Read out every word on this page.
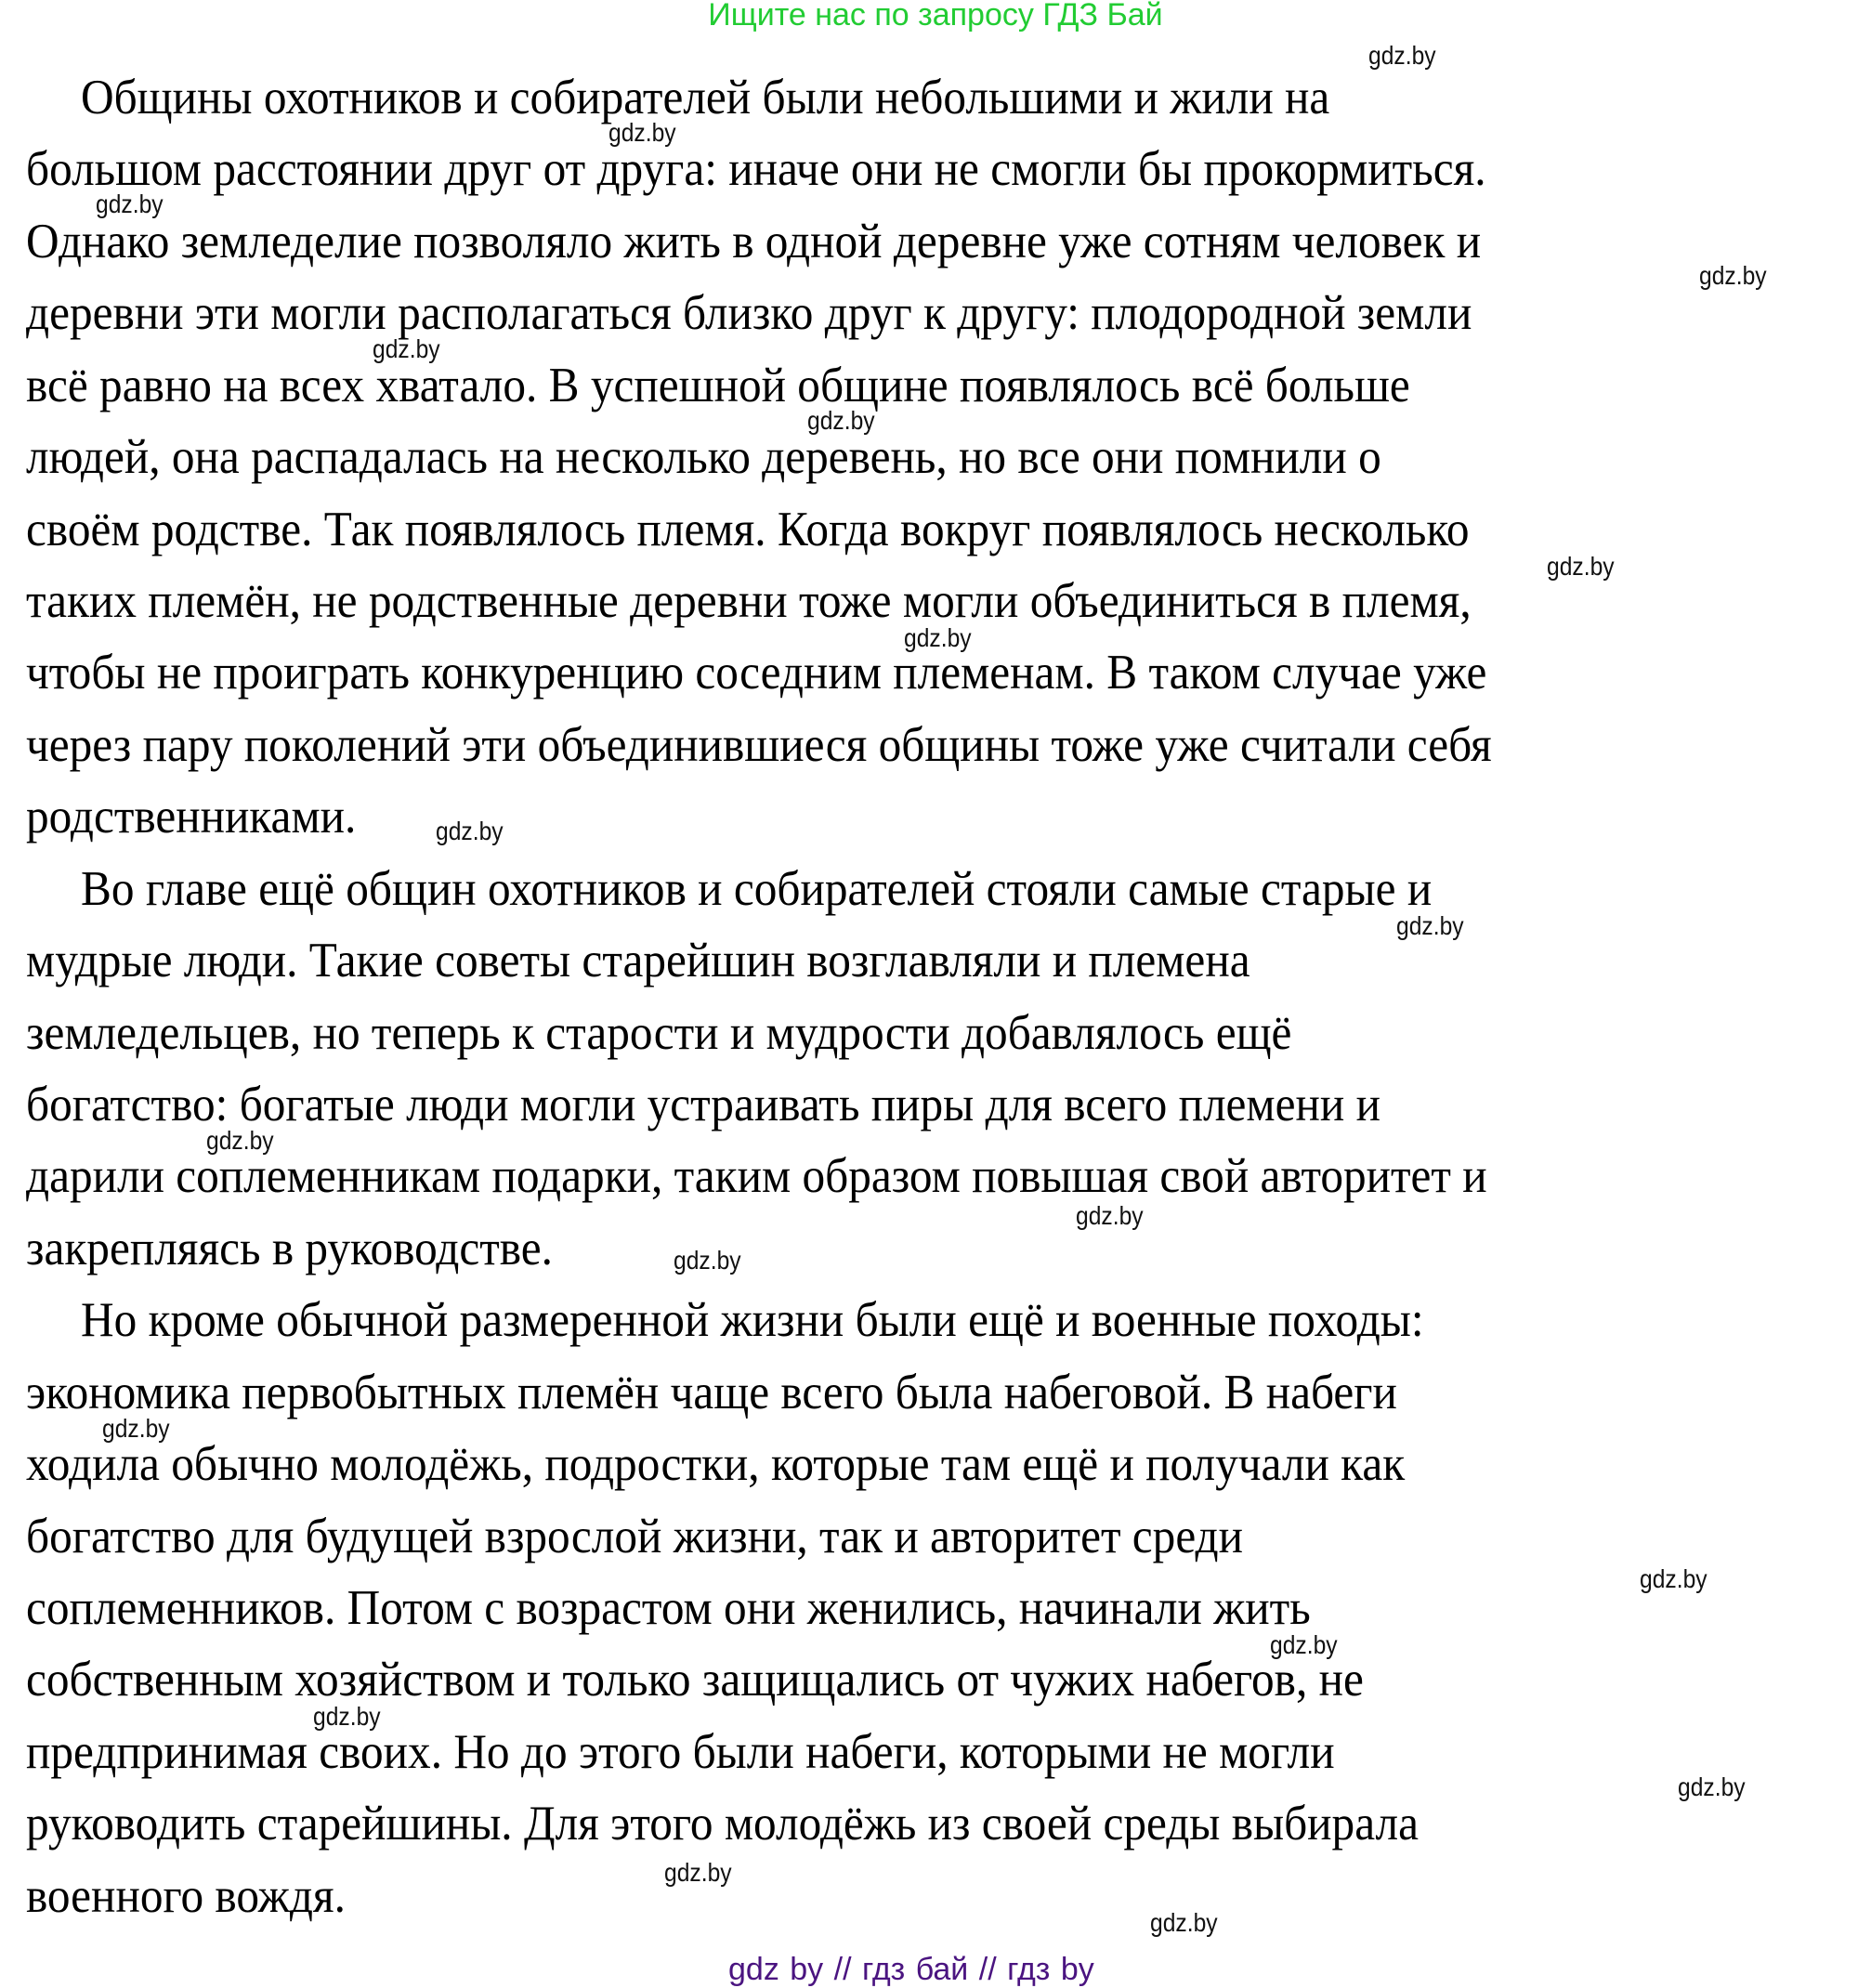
Ищите нас по запросу ГДЗ Бай
Общины охотников и собирателей были небольшими и жили на
большом расстоянии друг от друга: иначе они не смогли бы прокормиться.
Однако земледелие позволяло жить в одной деревне уже сотням человек и
деревни эти могли располагаться близко друг к другу: плодородной земли
всё равно на всех хватало. В успешной общине появлялось всё больше
людей, она распадалась на несколько деревень, но все они помнили о
своём родстве. Так появлялось племя. Когда вокруг появлялось несколько
таких племён, не родственные деревни тоже могли объединиться в племя,
чтобы не проиграть конкуренцию соседним племенам. В таком случае уже
через пару поколений эти объединившиеся общины тоже уже считали себя
родственниками.
Во главе ещё общин охотников и собирателей стояли самые старые и
мудрые люди. Такие советы старейшин возглавляли и племена
земледельцев, но теперь к старости и мудрости добавлялось ещё
богатство: богатые люди могли устраивать пиры для всего племени и
дарили соплеменникам подарки, таким образом повышая свой авторитет и
закрепляясь в руководстве.
Но кроме обычной размеренной жизни были ещё и военные походы:
экономика первобытных племён чаще всего была набеговой. В набеги
ходила обычно молодёжь, подростки, которые там ещё и получали как
богатство для будущей взрослой жизни, так и авторитет среди
соплеменников. Потом с возрастом они женились, начинали жить
собственным хозяйством и только защищались от чужих набегов, не
предпринимая своих. Но до этого были набеги, которыми не могли
руководить старейшины. Для этого молодёжь из своей среды выбирала
военного вождя.
gdz.by
gdz.by
gdz.by
gdz.by
gdz.by
gdz.by
gdz.by
gdz.by
gdz.by
gdz.by
gdz.by
gdz.by
gdz.by
gdz.by
gdz.by
gdz.by
gdz.by
gdz.by
gdz.by
gdz.by
gdz by // гдз бай // гдз by
